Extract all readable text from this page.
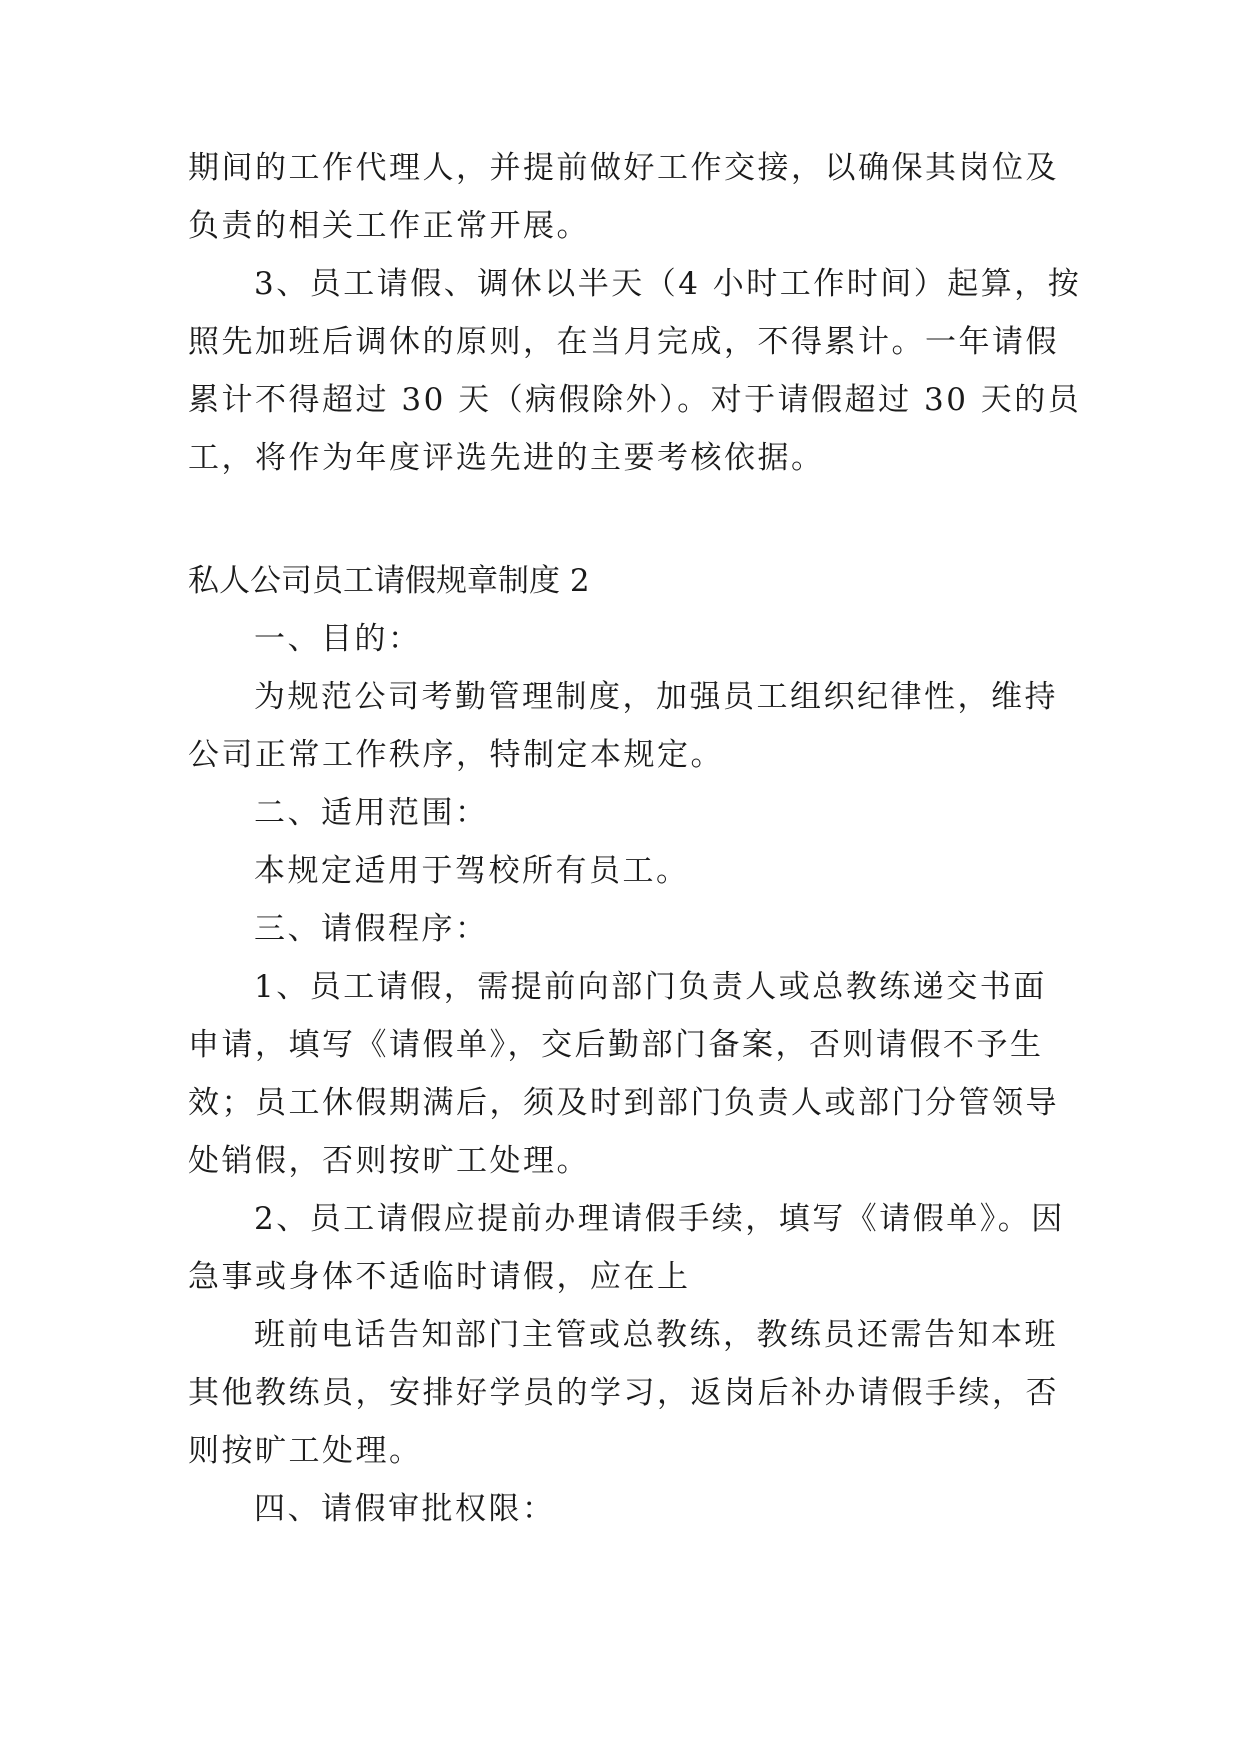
期间的工作代理人，并提前做好工作交接，以确保其岗位及
负责的相关工作正常开展。
3、员工请假、调休以半天（4 小时工作时间）起算，按
照先加班后调休的原则，在当月完成，不得累计。一年请假
累计不得超过 30 天（病假除外）。对于请假超过 30 天的员
工，将作为年度评选先进的主要考核依据。
私人公司员工请假规章制度 2
一、目的：
为规范公司考勤管理制度，加强员工组织纪律性，维持
公司正常工作秩序，特制定本规定。
二、适用范围：
本规定适用于驾校所有员工。
三、请假程序：
1、员工请假，需提前向部门负责人或总教练递交书面
申请，填写《请假单》，交后勤部门备案，否则请假不予生
效；员工休假期满后，须及时到部门负责人或部门分管领导
处销假，否则按旷工处理。
2、员工请假应提前办理请假手续，填写《请假单》。因
急事或身体不适临时请假，应在上
班前电话告知部门主管或总教练，教练员还需告知本班
其他教练员，安排好学员的学习，返岗后补办请假手续，否
则按旷工处理。
四、请假审批权限：
